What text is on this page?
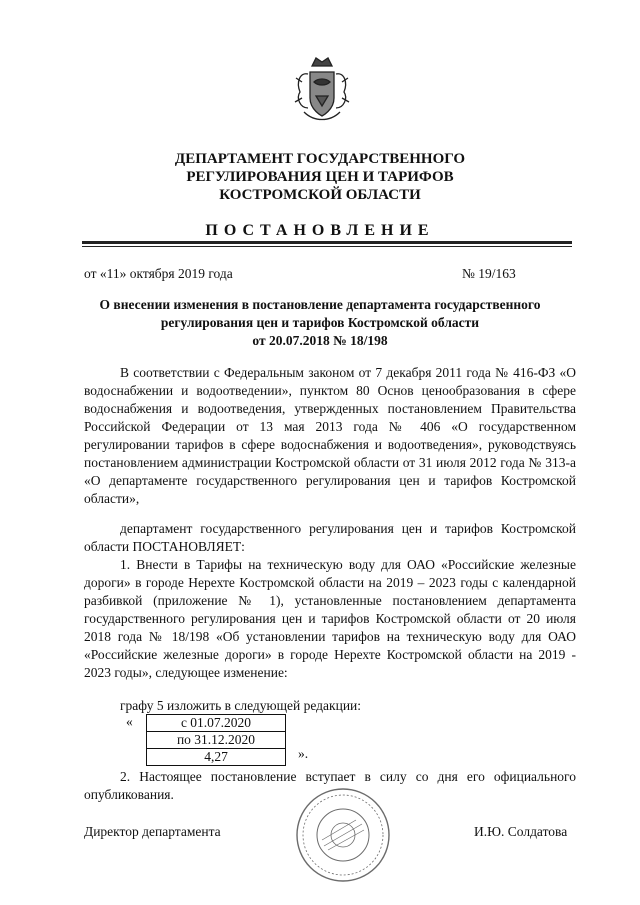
ДЕПАРТАМЕНТ ГОСУДАРСТВЕННОГО
РЕГУЛИРОВАНИЯ ЦЕН И ТАРИФОВ
КОСТРОМСКОЙ ОБЛАСТИ
ПОСТАНОВЛЕНИЕ
от «11» октября 2019 года	№ 19/163
О внесении изменения в постановление департамента государственного
регулирования цен и тарифов Костромской области
от 20.07.2018 № 18/198
В соответствии с Федеральным законом от 7 декабря 2011 года № 416-ФЗ «О водоснабжении и водоотведении», пунктом 80 Основ ценообразования в сфере водоснабжения и водоотведения, утвержденных постановлением Правительства Российской Федерации от 13 мая 2013 года № 406 «О государственном регулировании тарифов в сфере водоснабжения и водоотведения», руководствуясь постановлением администрации Костромской области от 31 июля 2012 года № 313-а «О департаменте государственного регулирования цен и тарифов Костромской области»,
департамент государственного регулирования цен и тарифов Костромской области ПОСТАНОВЛЯЕТ:
1. Внести в Тарифы на техническую воду для ОАО «Российские железные дороги» в городе Нерехте Костромской области на 2019 – 2023 годы с календарной разбивкой (приложение № 1), установленные постановлением департамента государственного регулирования цен и тарифов Костромской области от 20 июля 2018 года № 18/198 «Об установлении тарифов на техническую воду для ОАО «Российские железные дороги» в городе Нерехте Костромской области на 2019 - 2023 годы», следующее изменение:
графу 5 изложить в следующей редакции:
«	с 01.07.2020
по 31.12.2020
4,27	».
2. Настоящее постановление вступает в силу со дня его официального опубликования.
Директор департамента	И.Ю. Солдатова
